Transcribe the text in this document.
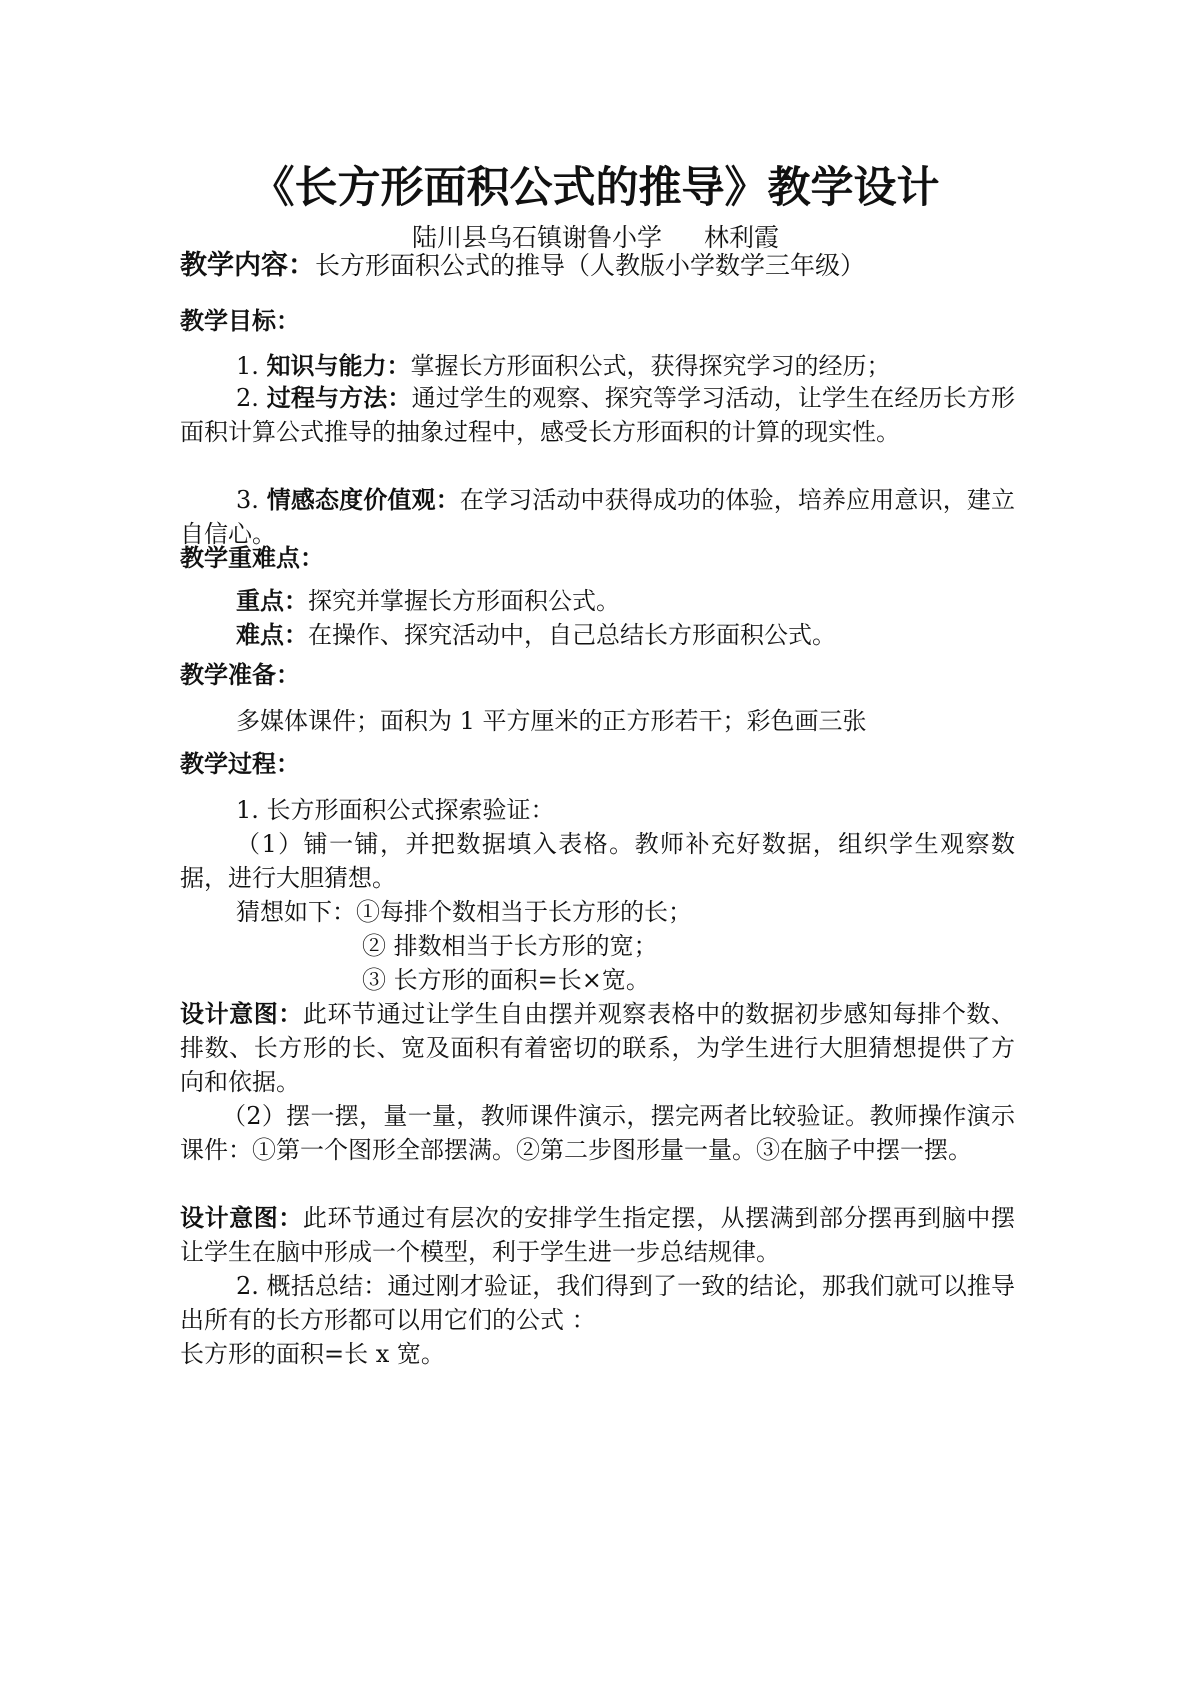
《长方形面积公式的推导》教学设计
陆川县乌石镇谢鲁小学 林利霞
教学内容：长方形面积公式的推导（人教版小学数学三年级）
教学目标：
1. 知识与能力：掌握长方形面积公式，获得探究学习的经历；
2. 过程与方法：通过学生的观察、探究等学习活动，让学生在经历长方形面积计算公式推导的抽象过程中，感受长方形面积的计算的现实性。
3. 情感态度价值观：在学习活动中获得成功的体验，培养应用意识，建立自信心。
教学重难点：
重点：探究并掌握长方形面积公式。
难点：在操作、探究活动中，自己总结长方形面积公式。
教学准备：
多媒体课件；面积为 1 平方厘米的正方形若干；彩色画三张
教学过程：
1. 长方形面积公式探索验证：
（1）铺一铺，并把数据填入表格。教师补充好数据，组织学生观察数据，进行大胆猜想。
猜想如下：①每排个数相当于长方形的长；
② 排数相当于长方形的宽；
③ 长方形的面积=长×宽。
设计意图：此环节通过让学生自由摆并观察表格中的数据初步感知每排个数、排数、长方形的长、宽及面积有着密切的联系，为学生进行大胆猜想提供了方向和依据。
（2）摆一摆，量一量，教师课件演示，摆完两者比较验证。教师操作演示课件：①第一个图形全部摆满。②第二步图形量一量。③在脑子中摆一摆。
设计意图：此环节通过有层次的安排学生指定摆，从摆满到部分摆再到脑中摆让学生在脑中形成一个模型，利于学生进一步总结规律。
2. 概括总结：通过刚才验证，我们得到了一致的结论，那我们就可以推导出所有的长方形都可以用它们的公式 ：
长方形的面积=长 x 宽。
